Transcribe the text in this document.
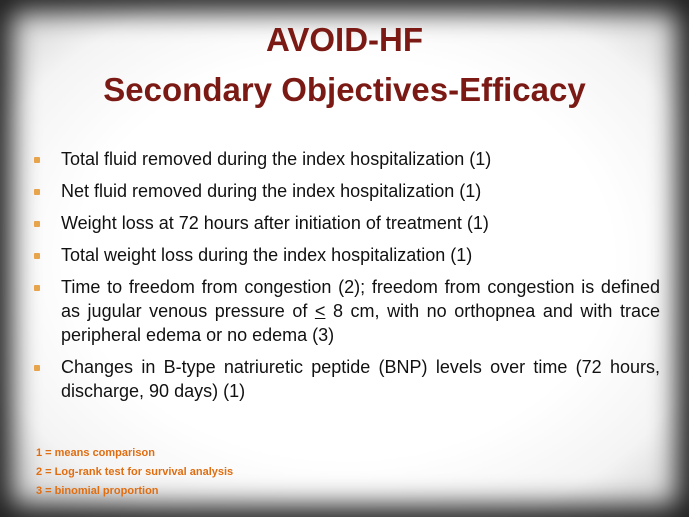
AVOID-HF
Secondary Objectives-Efficacy
Total fluid removed during the index hospitalization (1)
Net fluid removed during the index hospitalization (1)
Weight loss at 72 hours after initiation of treatment (1)
Total weight loss during the index hospitalization (1)
Time to freedom from congestion (2); freedom from congestion is defined as jugular venous pressure of ≤ 8 cm, with no orthopnea and with trace peripheral edema or no edema (3)
Changes in B-type natriuretic peptide (BNP) levels over time (72 hours, discharge, 90 days) (1)
1 = means comparison
2 = Log-rank test for survival analysis
3 = binomial proportion
